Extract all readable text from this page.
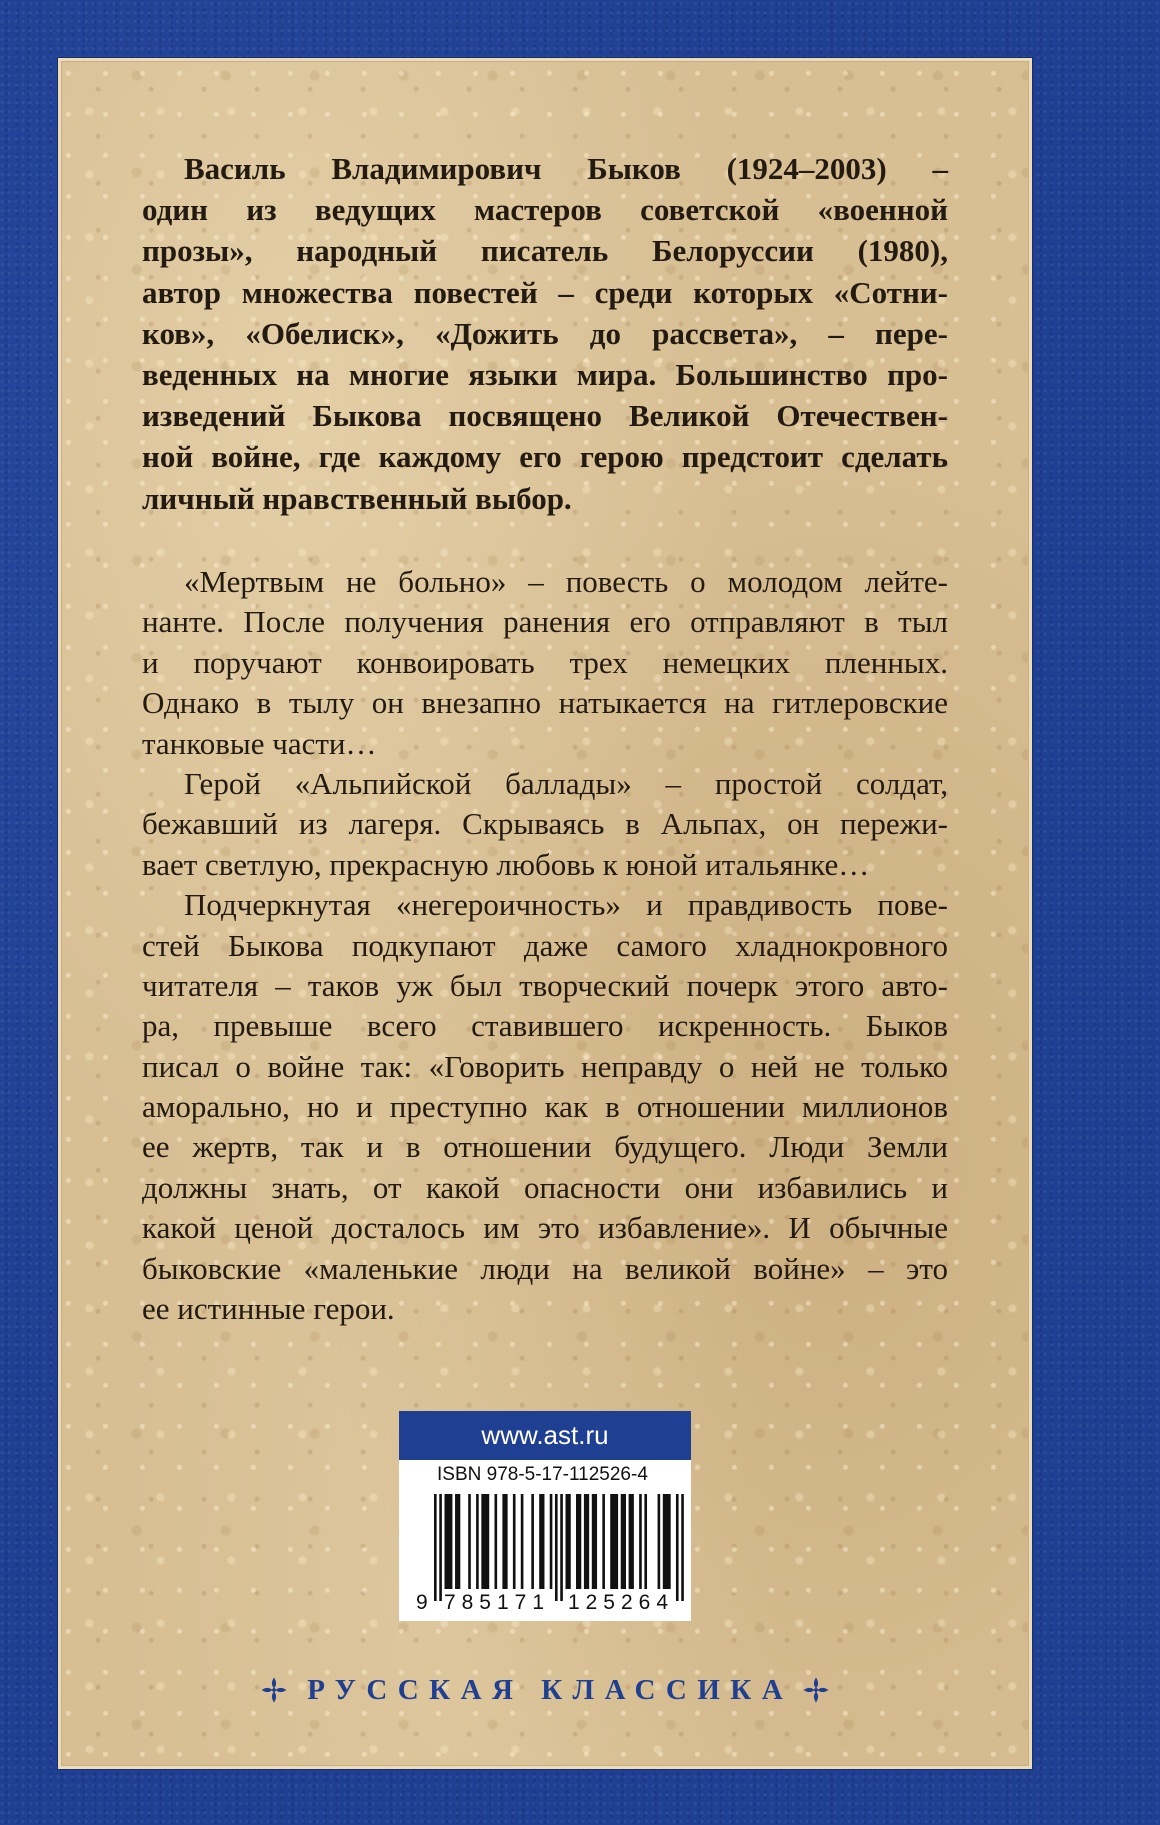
Василь Владимирович Быков (1924–2003) –
один из ведущих мастеров советской «военной
прозы», народный писатель Белоруссии (1980),
автор множества повестей – среди которых «Сотни-
ков», «Обелиск», «Дожить до рассвета», – пере-
веденных на многие языки мира. Большинство про-
изведений Быкова посвящено Великой Отечествен-
ной войне, где каждому его герою предстоит сделать
личный нравственный выбор.
«Мертвым не больно» – повесть о молодом лейте-
нанте. После получения ранения его отправляют в тыл
и поручают конвоировать трех немецких пленных.
Однако в тылу он внезапно натыкается на гитлеровские
танковые части…
Герой «Альпийской баллады» – простой солдат,
бежавший из лагеря. Скрываясь в Альпах, он пережи-
вает светлую, прекрасную любовь к юной итальянке…
Подчеркнутая «негероичность» и правдивость пове-
стей Быкова подкупают даже самого хладнокровного
читателя – таков уж был творческий почерк этого авто-
ра, превыше всего ставившего искренность. Быков
писал о войне так: «Говорить неправду о ней не только
аморально, но и преступно как в отношении миллионов
ее жертв, так и в отношении будущего. Люди Земли
должны знать, от какой опасности они избавились и
какой ценой досталось им это избавление». И обычные
быковские «маленькие люди на великой войне» – это
ее истинные герои.
www.ast.ru
ISBN 978-5-17-112526-4
9 785171 125264
РУССКАЯ КЛАССИКА
